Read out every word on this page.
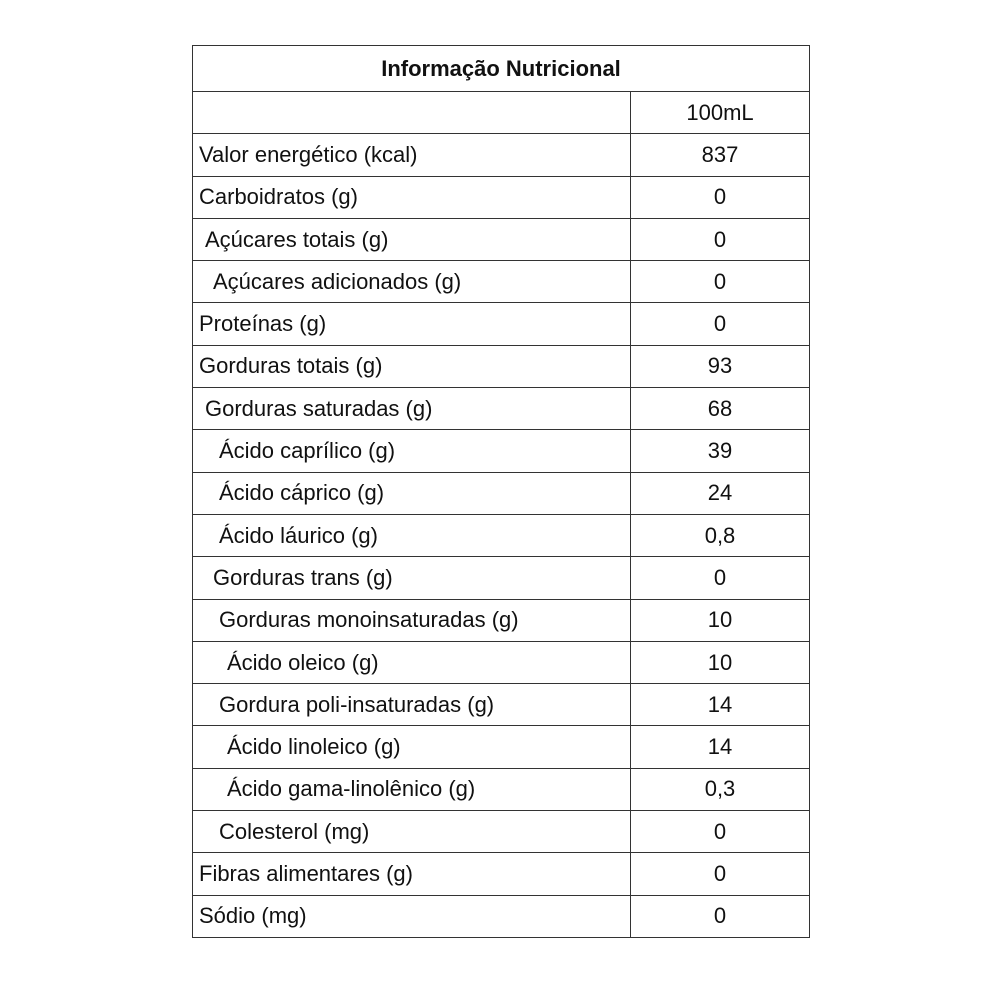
Informação Nutricional	
	100mL
Valor energético (kcal)	837
Carboidratos (g)	0
Açúcares totais (g)	0
Açúcares adicionados (g)	0
Proteínas (g)	0
Gorduras totais (g)	93
Gorduras saturadas (g)	68
Ácido caprílico (g)	39
Ácido cáprico (g)	24
Ácido láurico (g)	0,8
Gorduras trans (g)	0
Gorduras monoinsaturadas (g)	10
Ácido oleico (g)	10
Gordura poli-insaturadas (g)	14
Ácido linoleico (g)	14
Ácido gama-linolênico (g)	0,3
Colesterol (mg)	0
Fibras alimentares (g)	0
Sódio (mg)	0
